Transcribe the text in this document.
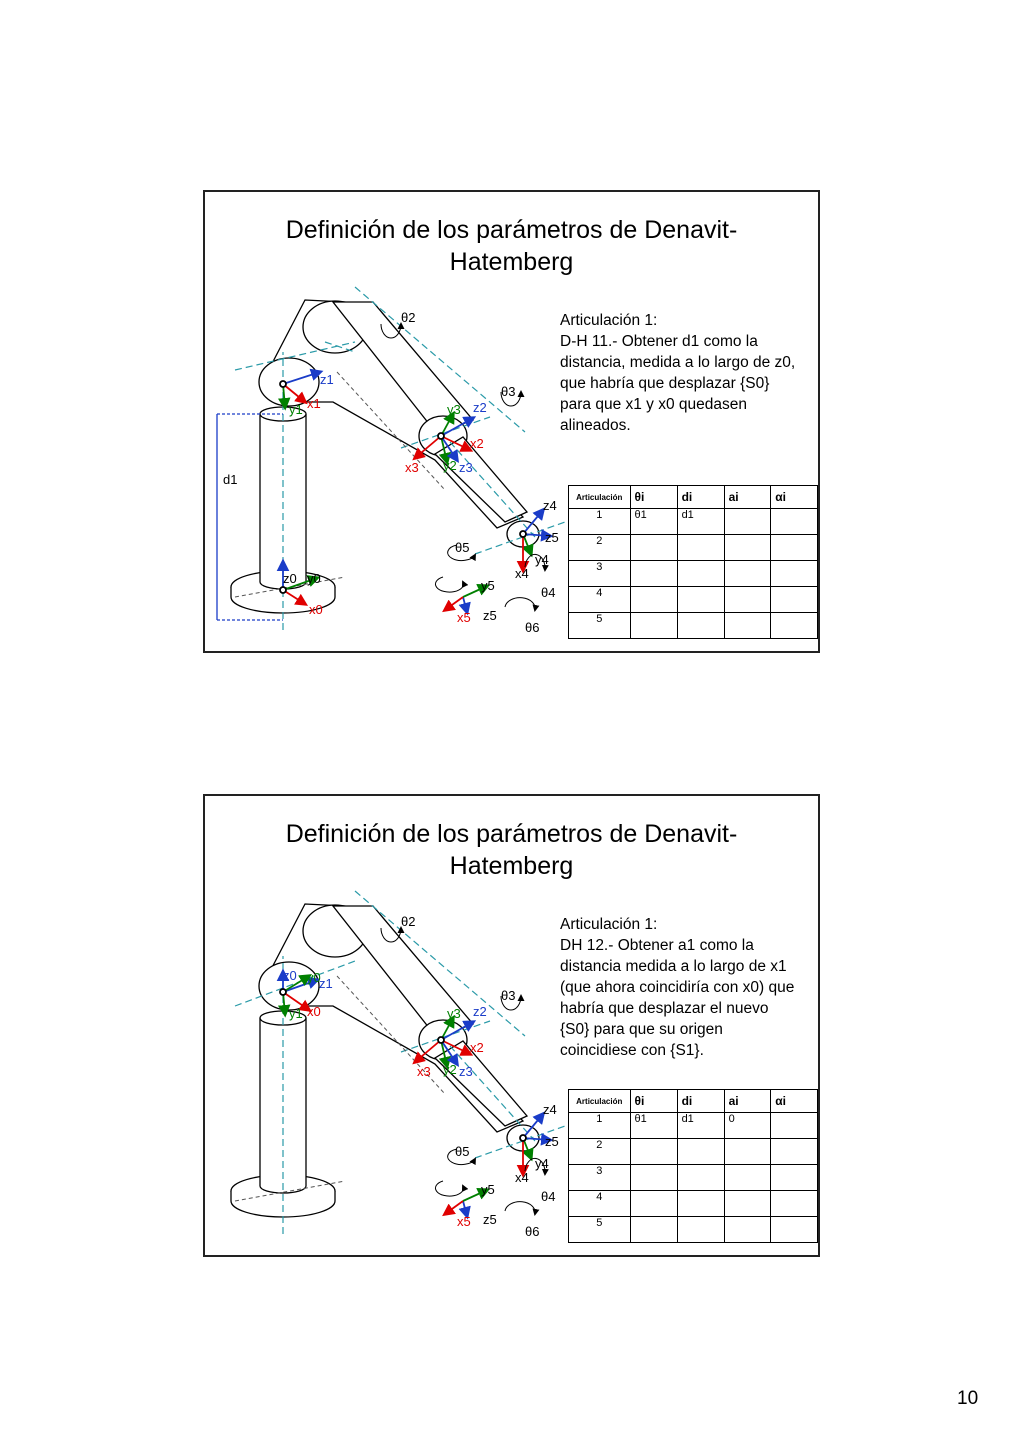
Definición de los parámetros de Denavit-
Hatemberg
θ2
z1
y1 x1
θ3
z2
y3
x2
d1
x3 y2 z3
z4
z5
θ5
y4
z0 y0	x4
y5	θ4
x0
x5 z5
θ6

Articulación 1:

D-H 11.- Obtener d1 como la

distancia, medida a lo largo de z0,

que habría que desplazar {S0}

para que x1 y x0 quedasen

alineados.

Articulación	θi	di	ai	αi
1	θ1	d1		
2				
3				
4				
5				
Definición de los parámetros de Denavit-
Hatemberg
θ2
z0 y0
z1
y1 x0
θ3
z2
y3
x2
x3 y2 z3
z4
z5
θ5
y4
x4
y5	θ4
x5 z5
θ6

Articulación 1:

DH 12.- Obtener a1 como la

distancia medida a lo largo de x1

(que ahora coincidiría con x0) que

habría que desplazar el nuevo

{S0} para que su origen

coincidiese con {S1}.

Articulación	θi	di	ai	αi
1	θ1	d1	0	
2				
3				
4				
5				
10
